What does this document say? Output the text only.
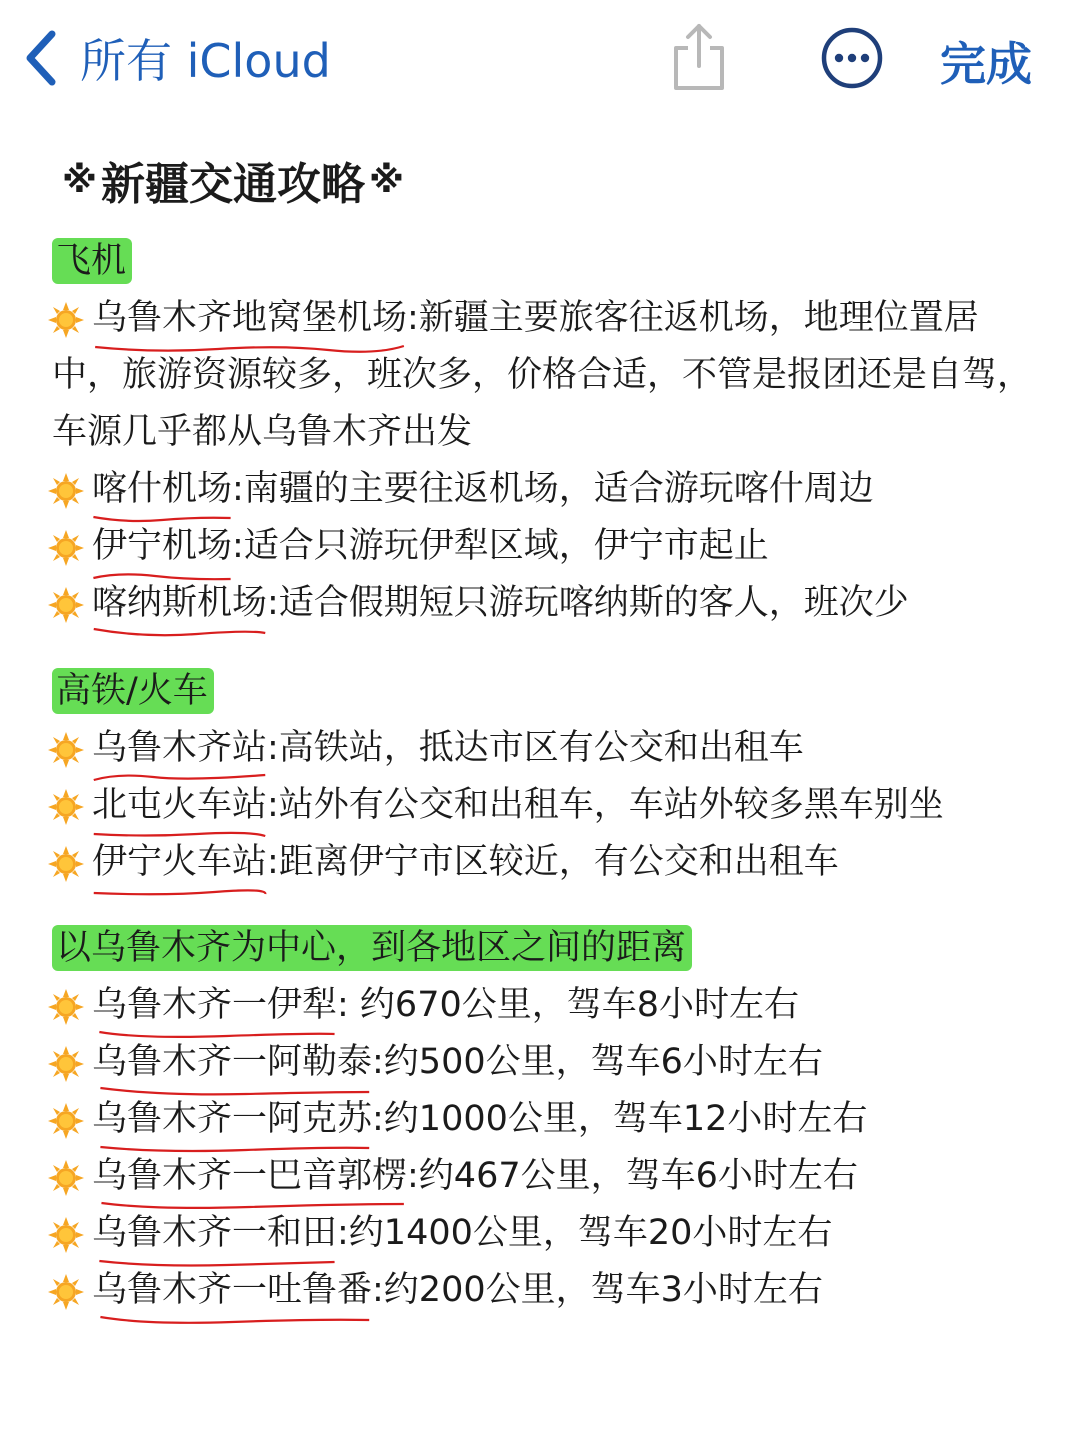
所有 iCloud	完成
※ 新疆交通攻略 ※
飞机
乌鲁木齐地窝堡机场
:新疆主要旅客往返机场，地理位置居
中，旅游资源较多，班次多，价格合适，不管是报团还是自驾，车源几乎都从乌鲁木齐出发
喀什机场
:南疆的主要往返机场，适合游玩喀什周边
伊宁机场
:适合只游玩伊犁区域，伊宁市起止
喀纳斯机场
:适合假期短只游玩喀纳斯的客人，班次少
高铁/火车
乌鲁木齐站
:高铁站，抵达市区有公交和出租车
北屯火车站
:站外有公交和出租车，车站外较多黑车别坐
伊宁火车站
:距离伊宁市区较近，有公交和出租车
以乌鲁木齐为中心，到各地区之间的距离
乌鲁木齐一伊犁
: 约670公里，驾车8小时左右
乌鲁木齐一阿勒泰
:约500公里，驾车6小时左右
乌鲁木齐一阿克苏
:约1000公里，驾车12小时左右
乌鲁木齐一巴音郭楞
:约467公里，驾车6小时左右
乌鲁木齐一和田
:约1400公里，驾车20小时左右
乌鲁木齐一吐鲁番
:约200公里，驾车3小时左右
